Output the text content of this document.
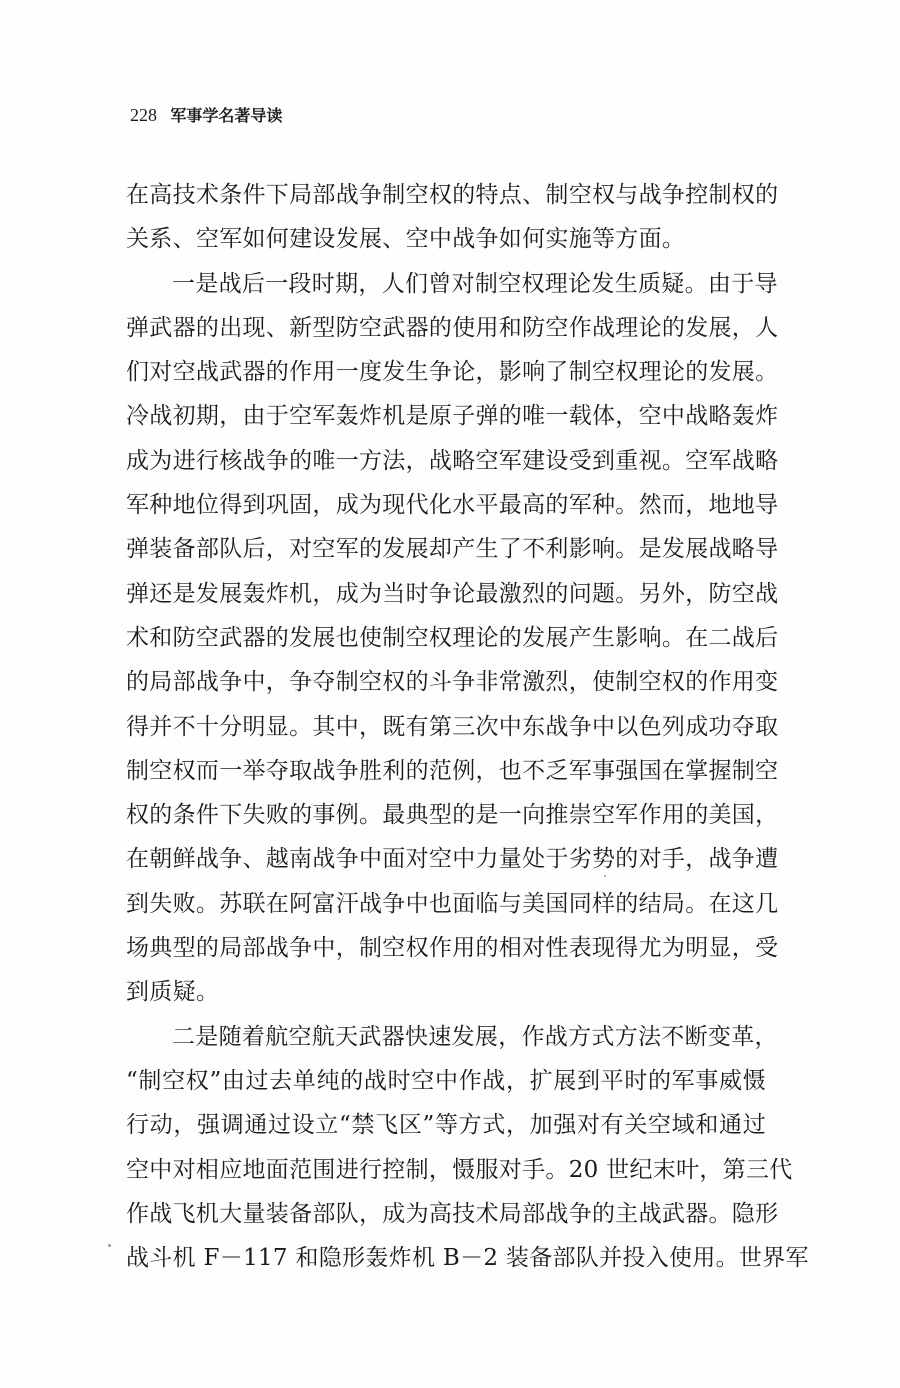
228 军事学名著导读
在高技术条件下局部战争制空权的特点、制空权与战争控制权的
关系、空军如何建设发展、空中战争如何实施等方面。
一是战后一段时期，人们曾对制空权理论发生质疑。由于导
弹武器的出现、新型防空武器的使用和防空作战理论的发展，人
们对空战武器的作用一度发生争论，影响了制空权理论的发展。
冷战初期，由于空军轰炸机是原子弹的唯一载体，空中战略轰炸
成为进行核战争的唯一方法，战略空军建设受到重视。空军战略
军种地位得到巩固，成为现代化水平最高的军种。然而，地地导
弹装备部队后，对空军的发展却产生了不利影响。是发展战略导
弹还是发展轰炸机，成为当时争论最激烈的问题。另外，防空战
术和防空武器的发展也使制空权理论的发展产生影响。在二战后
的局部战争中，争夺制空权的斗争非常激烈，使制空权的作用变
得并不十分明显。其中，既有第三次中东战争中以色列成功夺取
制空权而一举夺取战争胜利的范例，也不乏军事强国在掌握制空
权的条件下失败的事例。最典型的是一向推崇空军作用的美国，
在朝鲜战争、越南战争中面对空中力量处于劣势的对手，战争遭
到失败。苏联在阿富汗战争中也面临与美国同样的结局。在这几
场典型的局部战争中，制空权作用的相对性表现得尤为明显，受
到质疑。
二是随着航空航天武器快速发展，作战方式方法不断变革，
“制空权”由过去单纯的战时空中作战，扩展到平时的军事威慑
行动，强调通过设立“禁飞区”等方式，加强对有关空域和通过
空中对相应地面范围进行控制，慑服对手。20 世纪末叶，第三代
作战飞机大量装备部队，成为高技术局部战争的主战武器。隐形
战斗机 F－117 和隐形轰炸机 B－2 装备部队并投入使用。世界军
